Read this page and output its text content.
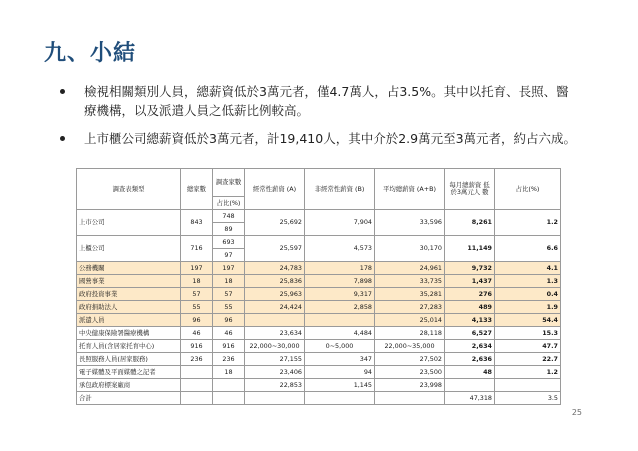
九、小結
檢視相關類別人員，總薪資低於3萬元者，僅4.7萬人，占3.5%。其中以托育、長照、醫療機構，以及派遣人員之低薪比例較高。
上市櫃公司總薪資低於3萬元者，計19,410人，其中介於2.9萬元至3萬元者，約占六成。
調查表類型	總家數	調查家數	經常性薪資 (A)	非經常性薪資 (B)	平均總薪資 (A+B)	每月總薪資 低於3萬元人 數	占比(%)
		占比(%)					
上市公司	843	748	25,692	7,904	33,596	8,261	1.2
		89					
上櫃公司	716	693	25,597	4,573	30,170	11,149	6.6
		97					
公務機關	197	197	24,783	178	24,961	9,732	4.1
國營事業	18	18	25,836	7,898	33,735	1,437	1.3
政府投資事業	57	57	25,963	9,317	35,281	276	0.4
政府捐助法人	55	55	24,424	2,858	27,283	489	1.9
派遣人員	96	96			25,014	4,133	54.4
中央健康保險署醫療機構	46	46	23,634	4,484	28,118	6,527	15.3
托育人員(含居家托育中心)	916	916	22,000~30,000	0~5,000	22,000~35,000	2,634	47.7
長照服務人員(居家服務)	236	236	27,155	347	27,502	2,636	22.7
電子媒體及平面媒體之記者		18	23,406	94	23,500	48	1.2
承包政府標案廠商			22,853	1,145	23,998		
合計						47,318	3.5
25
